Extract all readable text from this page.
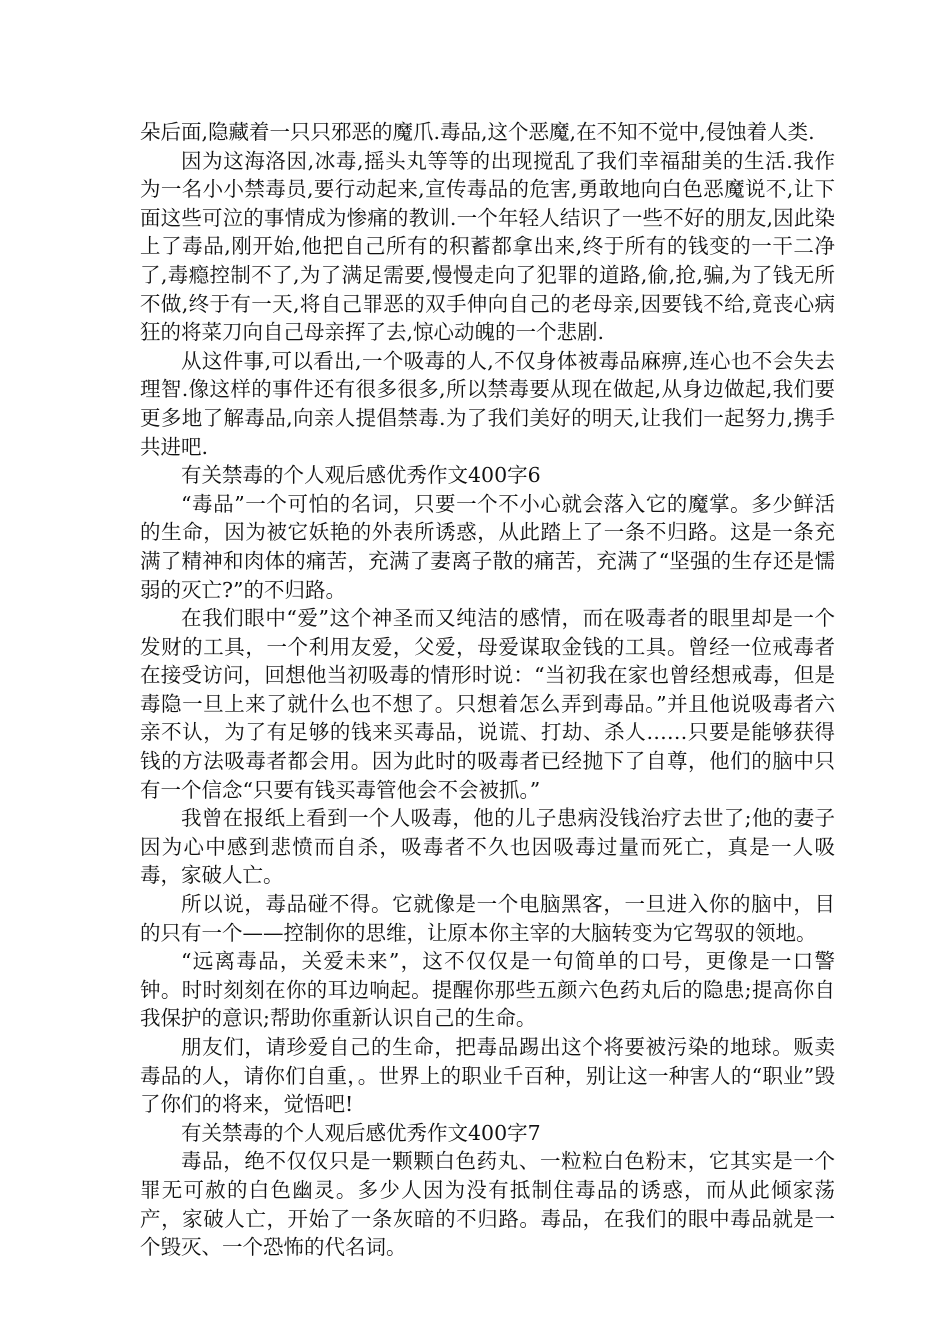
朵后面,隐藏着一只只邪恶的魔爪.毒品,这个恶魔,在不知不觉中,侵蚀着人类.

因为这海洛因,冰毒,摇头丸等等的出现搅乱了我们幸福甜美的生活.我作为一名小小禁毒员,要行动起来,宣传毒品的危害,勇敢地向白色恶魔说不,让下面这些可泣的事情成为惨痛的教训.一个年轻人结识了一些不好的朋友,因此染上了毒品,刚开始,他把自己所有的积蓄都拿出来,终于所有的钱变的一干二净了,毒瘾控制不了,为了满足需要,慢慢走向了犯罪的道路,偷,抢,骗,为了钱无所不做,终于有一天,将自己罪恶的双手伸向自己的老母亲,因要钱不给,竟丧心病狂的将菜刀向自己母亲挥了去,惊心动魄的一个悲剧.

从这件事,可以看出,一个吸毒的人,不仅身体被毒品麻痹,连心也不会失去理智.像这样的事件还有很多很多,所以禁毒要从现在做起,从身边做起,我们要更多地了解毒品,向亲人提倡禁毒.为了我们美好的明天,让我们一起努力,携手共进吧.

有关禁毒的个人观后感优秀作文400字6

“毒品”一个可怕的名词，只要一个不小心就会落入它的魔掌。多少鲜活的生命，因为被它妖艳的外表所诱惑，从此踏上了一条不归路。这是一条充满了精神和肉体的痛苦，充满了妻离子散的痛苦，充满了“坚强的生存还是懦弱的灭亡?”的不归路。

在我们眼中“爱”这个神圣而又纯洁的感情，而在吸毒者的眼里却是一个发财的工具，一个利用友爱，父爱，母爱谋取金钱的工具。曾经一位戒毒者在接受访问，回想他当初吸毒的情形时说：“当初我在家也曾经想戒毒，但是毒隐一旦上来了就什么也不想了。只想着怎么弄到毒品。”并且他说吸毒者六亲不认，为了有足够的钱来买毒品，说谎、打劫、杀人……只要是能够获得钱的方法吸毒者都会用。因为此时的吸毒者已经抛下了自尊，他们的脑中只有一个信念“只要有钱买毒管他会不会被抓。”

我曾在报纸上看到一个人吸毒，他的儿子患病没钱治疗去世了;他的妻子因为心中感到悲愤而自杀，吸毒者不久也因吸毒过量而死亡，真是一人吸毒，家破人亡。

所以说，毒品碰不得。它就像是一个电脑黑客，一旦进入你的脑中，目的只有一个——控制你的思维，让原本你主宰的大脑转变为它驾驭的领地。

“远离毒品，关爱未来”，这不仅仅是一句简单的口号，更像是一口警钟。时时刻刻在你的耳边响起。提醒你那些五颜六色药丸后的隐患;提高你自我保护的意识;帮助你重新认识自己的生命。

朋友们，请珍爱自己的生命，把毒品踢出这个将要被污染的地球。贩卖毒品的人，请你们自重，。世界上的职业千百种，别让这一种害人的“职业”毁了你们的将来，觉悟吧!

有关禁毒的个人观后感优秀作文400字7

毒品，绝不仅仅只是一颗颗白色药丸、一粒粒白色粉末，它其实是一个罪无可赦的白色幽灵。多少人因为没有抵制住毒品的诱惑，而从此倾家荡产，家破人亡，开始了一条灰暗的不归路。毒品，在我们的眼中毒品就是一个毁灭、一个恐怖的代名词。
